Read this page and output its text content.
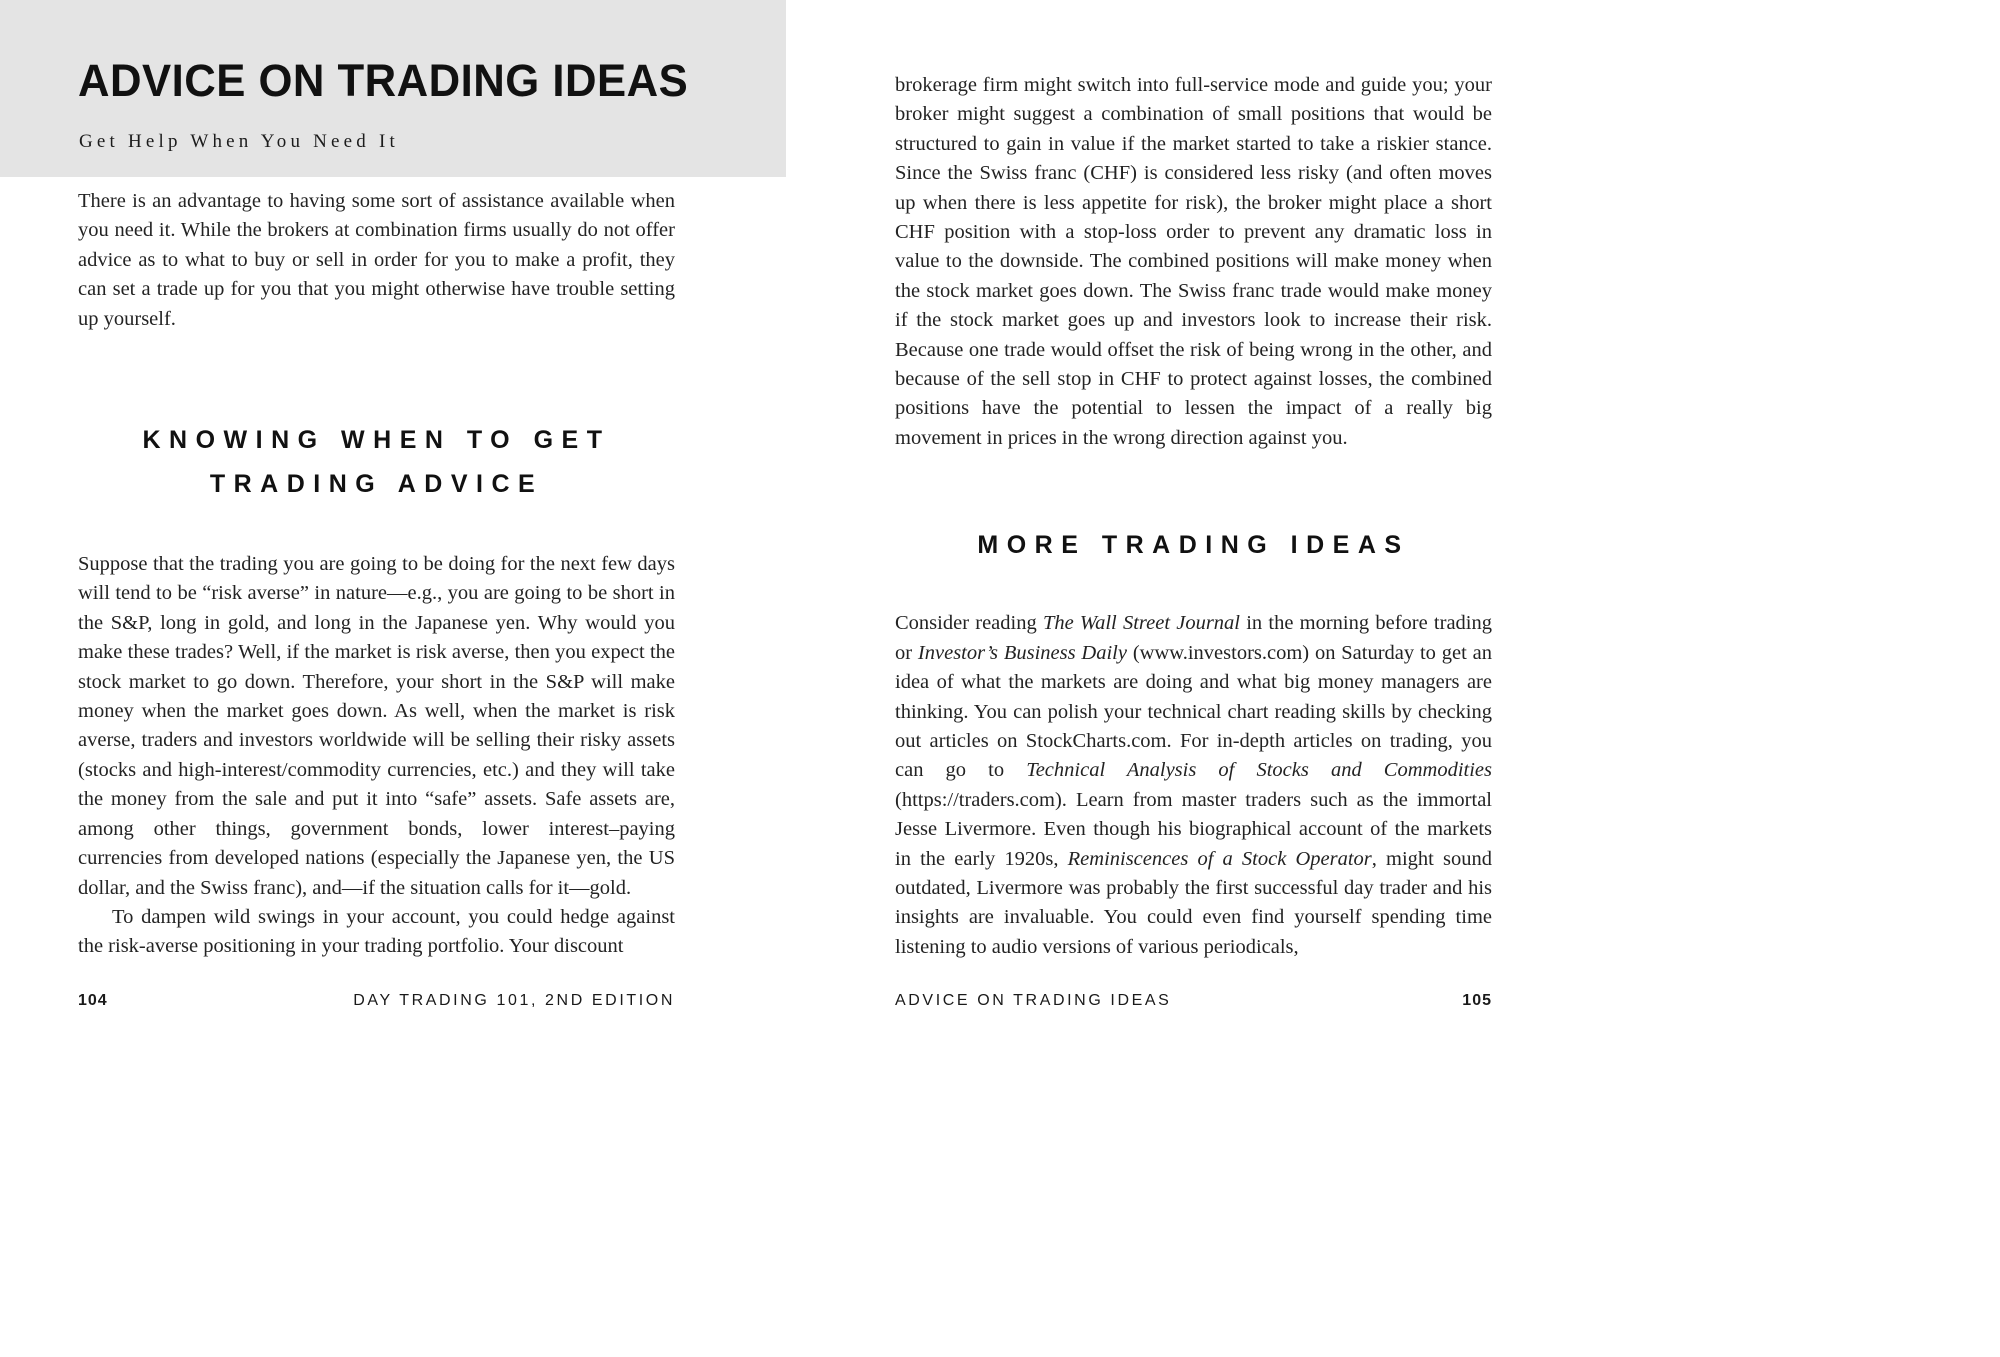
ADVICE ON TRADING IDEAS
Get Help When You Need It

There is an advantage to having some sort of assistance available when you need it. While the brokers at combination firms usually do not offer advice as to what to buy or sell in order for you to make a profit, they can set a trade up for you that you might otherwise have trouble setting up yourself.

KNOWING WHEN TO GET
TRADING ADVICE

Suppose that the trading you are going to be doing for the next few days will tend to be “risk averse” in nature—e.g., you are going to be short in the S&P, long in gold, and long in the Japanese yen. Why would you make these trades? Well, if the market is risk averse, then you expect the stock market to go down. Therefore, your short in the S&P will make money when the market goes down. As well, when the market is risk averse, traders and investors worldwide will be selling their risky assets (stocks and high-interest/commodity currencies, etc.) and they will take the money from the sale and put it into “safe” assets. Safe assets are, among other things, government bonds, lower interest–paying currencies from developed nations (especially the Japanese yen, the US dollar, and the Swiss franc), and—if the situation calls for it—gold.

To dampen wild swings in your account, you could hedge against the risk-averse positioning in your trading portfolio. Your discount

104	DAY TRADING 101, 2ND EDITION

brokerage firm might switch into full-service mode and guide you; your broker might suggest a combination of small positions that would be structured to gain in value if the market started to take a riskier stance. Since the Swiss franc (CHF) is considered less risky (and often moves up when there is less appetite for risk), the broker might place a short CHF position with a stop-loss order to prevent any dramatic loss in value to the downside. The combined positions will make money when the stock market goes down. The Swiss franc trade would make money if the stock market goes up and investors look to increase their risk. Because one trade would offset the risk of being wrong in the other, and because of the sell stop in CHF to protect against losses, the combined positions have the potential to lessen the impact of a really big movement in prices in the wrong direction against you.

MORE TRADING IDEAS

Consider reading The Wall Street Journal in the morning before trading or Investor’s Business Daily (www.investors.com) on Saturday to get an idea of what the markets are doing and what big money managers are thinking. You can polish your technical chart reading skills by checking out articles on StockCharts.com. For in-depth articles on trading, you can go to Technical Analysis of Stocks and Commodities (https://traders.com). Learn from master traders such as the immortal Jesse Livermore. Even though his biographical account of the markets in the early 1920s, Reminiscences of a Stock Operator, might sound outdated, Livermore was probably the first successful day trader and his insights are invaluable. You could even find yourself spending time listening to audio versions of various periodicals,

ADVICE ON TRADING IDEAS	105
